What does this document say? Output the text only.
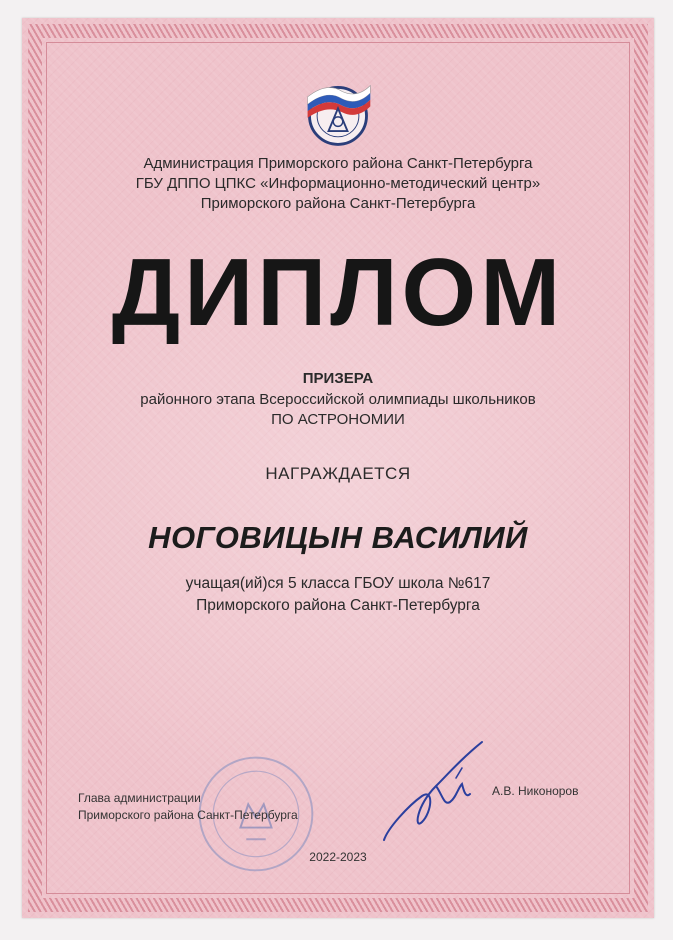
Администрация Приморского района Санкт-Петербурга
ГБУ ДППО ЦПКС «Информационно-методический центр»
Приморского района Санкт-Петербурга
ДИПЛОМ
ПРИЗЕРА
районного этапа Всероссийской олимпиады школьников
ПО АСТРОНОМИИ
НАГРАЖДАЕТСЯ
НОГОВИЦЫН ВАСИЛИЙ
учащая(ий)ся 5 класса ГБОУ школа №617
Приморского района Санкт-Петербурга
Глава администрации
Приморского района Санкт-Петербурга
А.В. Никоноров
2022-2023
